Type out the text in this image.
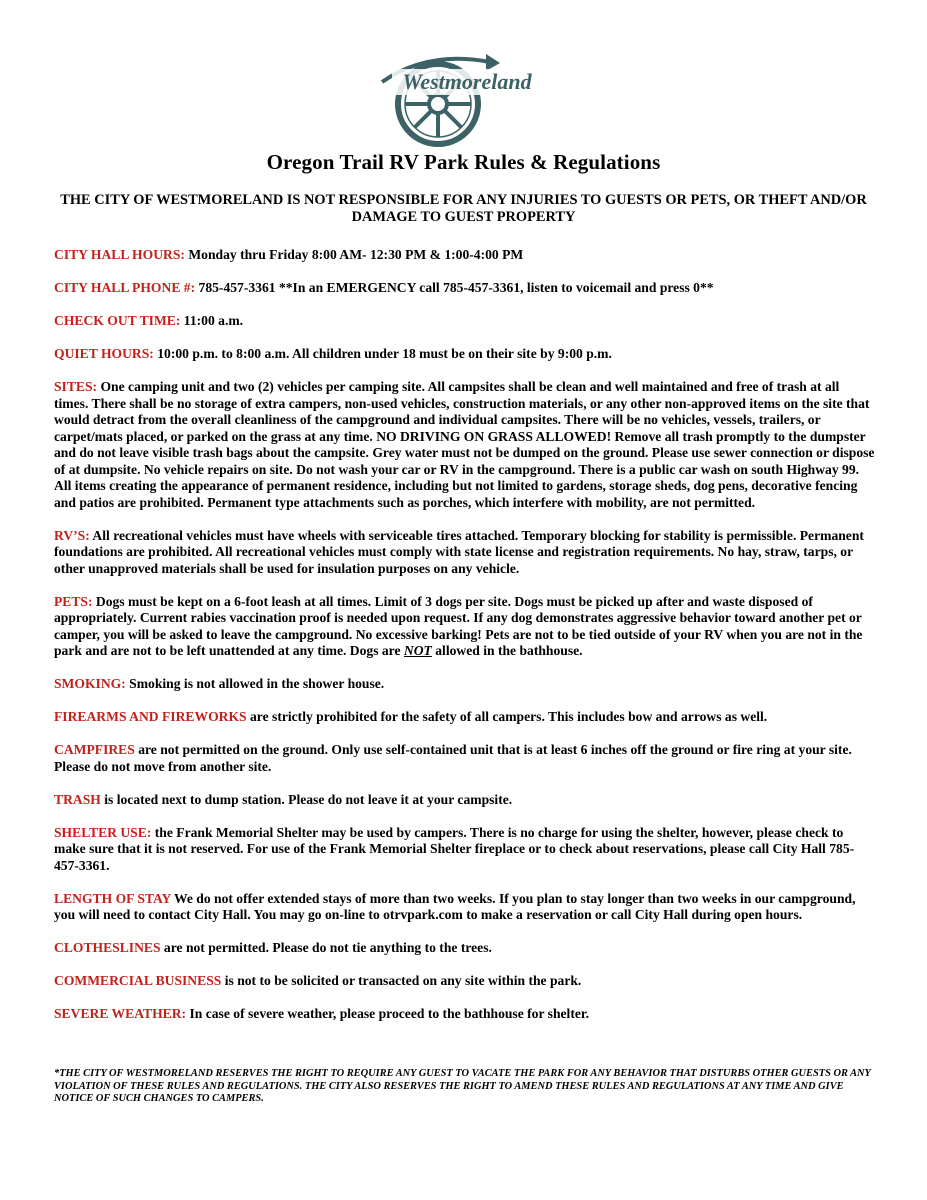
Westmoreland
Oregon Trail RV Park Rules & Regulations
THE CITY OF WESTMORELAND IS NOT RESPONSIBLE FOR ANY INJURIES TO GUESTS OR PETS, OR THEFT AND/OR DAMAGE TO GUEST PROPERTY

CITY HALL HOURS: Monday thru Friday 8:00 AM- 12:30 PM & 1:00-4:00 PM

CITY HALL PHONE #: 785-457-3361 **In an EMERGENCY call 785-457-3361, listen to voicemail and press 0**

CHECK OUT TIME: 11:00 a.m.

QUIET HOURS: 10:00 p.m. to 8:00 a.m. All children under 18 must be on their site by 9:00 p.m.

SITES: One camping unit and two (2) vehicles per camping site. All campsites shall be clean and well maintained and free of trash at all times. There shall be no storage of extra campers, non-used vehicles, construction materials, or any other non-approved items on the site that would detract from the overall cleanliness of the campground and individual campsites. There will be no vehicles, vessels, trailers, or carpet/mats placed, or parked on the grass at any time. NO DRIVING ON GRASS ALLOWED! Remove all trash promptly to the dumpster and do not leave visible trash bags about the campsite. Grey water must not be dumped on the ground. Please use sewer connection or dispose of at dumpsite. No vehicle repairs on site. Do not wash your car or RV in the campground. There is a public car wash on south Highway 99. All items creating the appearance of permanent residence, including but not limited to gardens, storage sheds, dog pens, decorative fencing and patios are prohibited. Permanent type attachments such as porches, which interfere with mobility, are not permitted.

RV’S: All recreational vehicles must have wheels with serviceable tires attached. Temporary blocking for stability is permissible. Permanent foundations are prohibited. All recreational vehicles must comply with state license and registration requirements. No hay, straw, tarps, or other unapproved materials shall be used for insulation purposes on any vehicle.

PETS: Dogs must be kept on a 6-foot leash at all times. Limit of 3 dogs per site. Dogs must be picked up after and waste disposed of appropriately. Current rabies vaccination proof is needed upon request. If any dog demonstrates aggressive behavior toward another pet or camper, you will be asked to leave the campground. No excessive barking! Pets are not to be tied outside of your RV when you are not in the park and are not to be left unattended at any time. Dogs are NOT allowed in the bathhouse.

SMOKING: Smoking is not allowed in the shower house.

FIREARMS AND FIREWORKS are strictly prohibited for the safety of all campers. This includes bow and arrows as well.

CAMPFIRES are not permitted on the ground. Only use self-contained unit that is at least 6 inches off the ground or fire ring at your site. Please do not move from another site.

TRASH is located next to dump station. Please do not leave it at your campsite.

SHELTER USE: the Frank Memorial Shelter may be used by campers. There is no charge for using the shelter, however, please check to make sure that it is not reserved. For use of the Frank Memorial Shelter fireplace or to check about reservations, please call City Hall 785-457-3361.

LENGTH OF STAY We do not offer extended stays of more than two weeks. If you plan to stay longer than two weeks in our campground, you will need to contact City Hall. You may go on-line to otrvpark.com to make a reservation or call City Hall during open hours.

CLOTHESLINES are not permitted. Please do not tie anything to the trees.

COMMERCIAL BUSINESS is not to be solicited or transacted on any site within the park.

SEVERE WEATHER: In case of severe weather, please proceed to the bathhouse for shelter.

*THE CITY OF WESTMORELAND RESERVES THE RIGHT TO REQUIRE ANY GUEST TO VACATE THE PARK FOR ANY BEHAVIOR THAT DISTURBS OTHER GUESTS OR ANY VIOLATION OF THESE RULES AND REGULATIONS. THE CITY ALSO RESERVES THE RIGHT TO AMEND THESE RULES AND REGULATIONS AT ANY TIME AND GIVE NOTICE OF SUCH CHANGES TO CAMPERS.
